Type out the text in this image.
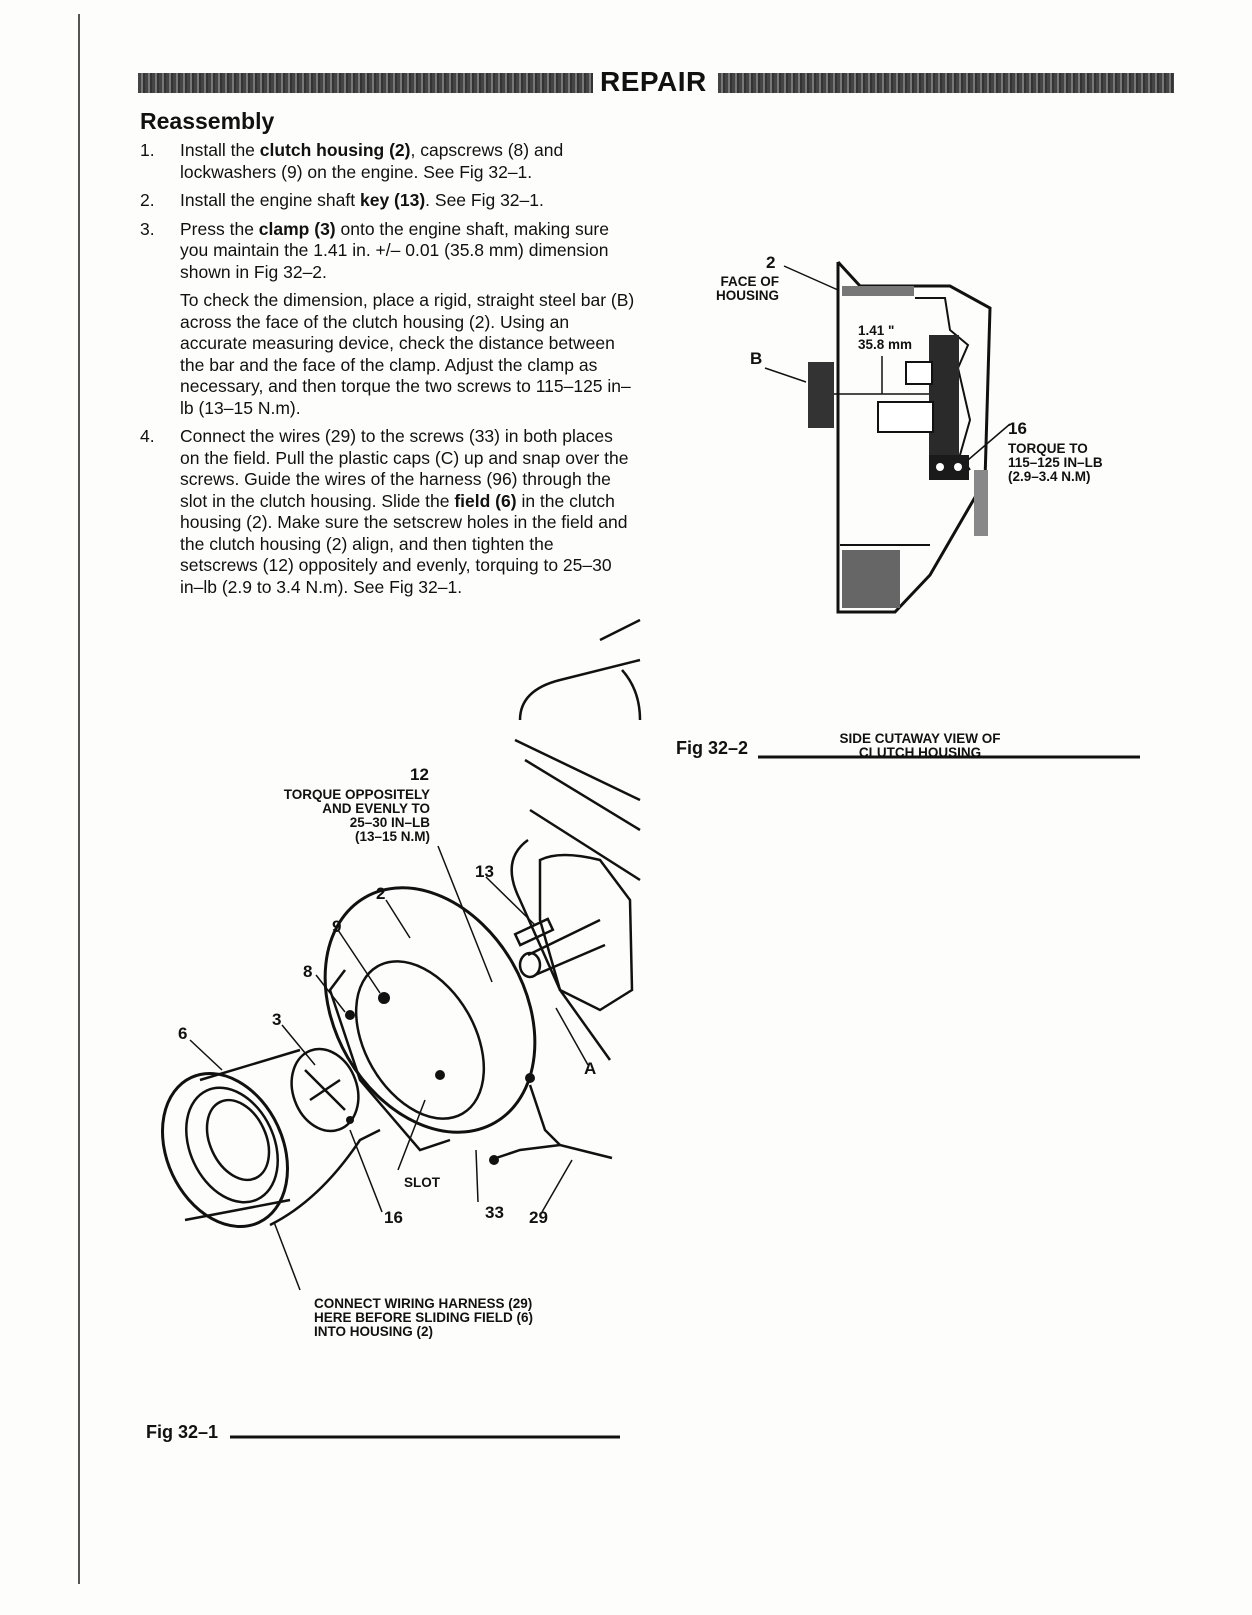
REPAIR
Reassembly
1. Install the clutch housing (2), capscrews (8) and lockwashers (9) on the engine. See Fig 32–1.

2. Install the engine shaft key (13). See Fig 32–1.

3. Press the clamp (3) onto the engine shaft, making sure you maintain the 1.41 in. +/– 0.01 (35.8 mm) dimension shown in Fig 32–2.

To check the dimension, place a rigid, straight steel bar (B) across the face of the clutch housing (2). Using an accurate measuring device, check the distance between the bar and the face of the clamp. Adjust the clamp as necessary, and then torque the two screws to 115–125 in–lb (13–15 N.m).

4. Connect the wires (29) to the screws (33) in both places on the field. Pull the plastic caps (C) up and snap over the screws. Guide the wires of the harness (96) through the slot in the clutch housing. Slide the field (6) in the clutch housing (2). Make sure the setscrew holes in the field and the clutch housing (2) align, and then tighten the setscrews (12) oppositely and evenly, torquing to 25–30 in–lb (2.9 to 3.4 N.m). See Fig 32–1.

2
FACE OF
HOUSING
1.41 "
35.8 mm
B
16
TORQUE TO
115–125 IN–LB
(2.9–3.4 N.M)
SIDE CUTAWAY VIEW OF
CLUTCH HOUSING
Fig 32–2
12
TORQUE OPPOSITELY
AND EVENLY TO
25–30 IN–LB
(13–15 N.M)
13
2
9
8
3
6
A
SLOT
16	33 29
CONNECT WIRING HARNESS (29)
HERE BEFORE SLIDING FIELD (6)
INTO HOUSING (2)
Fig 32–1
